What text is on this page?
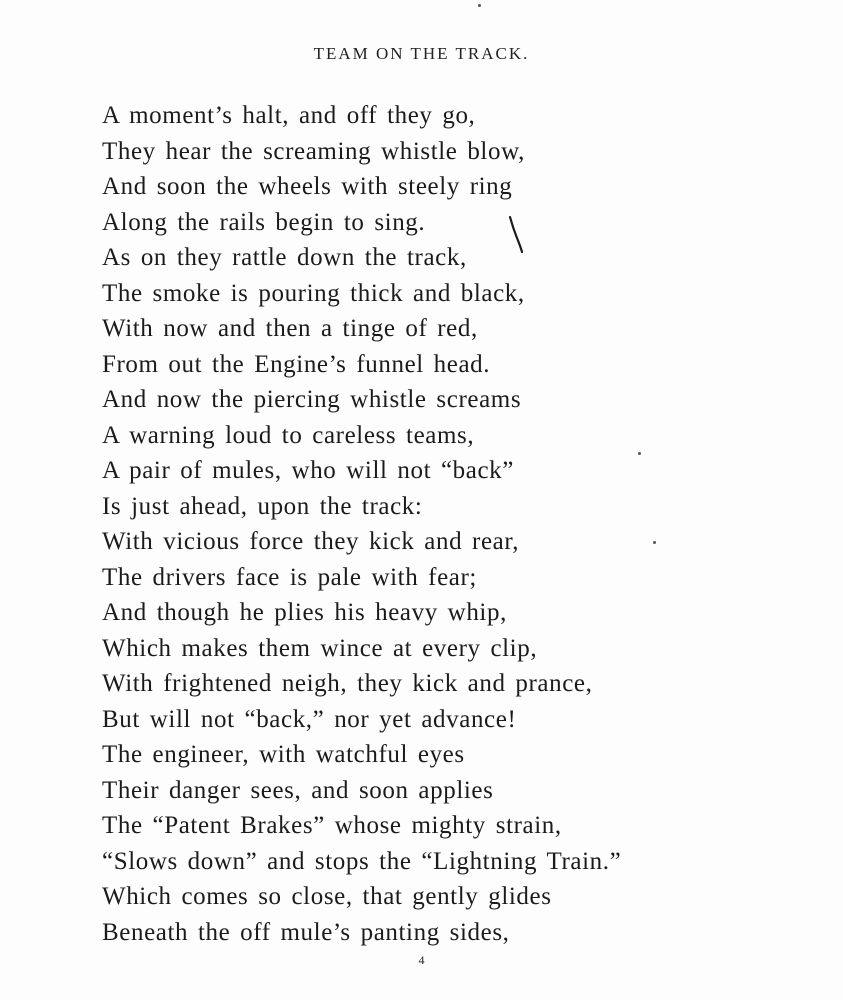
TEAM ON THE TRACK.
A moment’s halt, and off they go,
They hear the screaming whistle blow,
And soon the wheels with steely ring
Along the rails begin to sing.
As on they rattle down the track,
The smoke is pouring thick and black,
With now and then a tinge of red,
From out the Engine’s funnel head.
And now the piercing whistle screams
A warning loud to careless teams,
A pair of mules, who will not “back”
Is just ahead, upon the track:
With vicious force they kick and rear,
The drivers face is pale with fear;
And though he plies his heavy whip,
Which makes them wince at every clip,
With frightened neigh, they kick and prance,
But will not “back,” nor yet advance!
The engineer, with watchful eyes
Their danger sees, and soon applies
The “Patent Brakes” whose mighty strain,
“Slows down” and stops the “Lightning Train.”
Which comes so close, that gently glides
Beneath the off mule’s panting sides,
4
